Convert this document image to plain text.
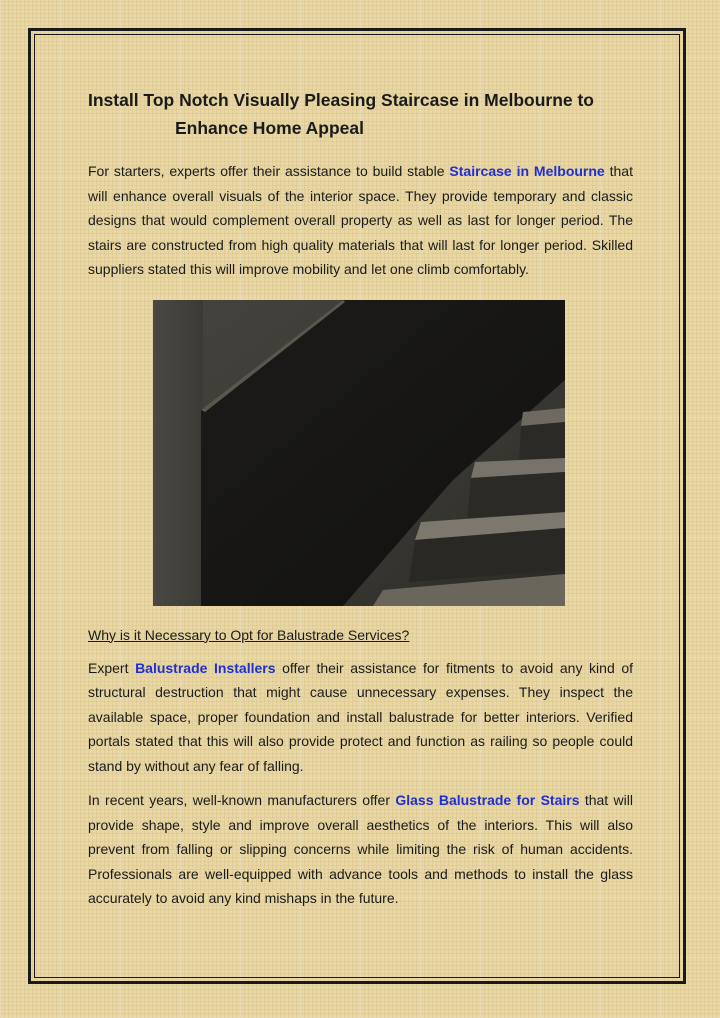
Install Top Notch Visually Pleasing Staircase in Melbourne to
Enhance Home Appeal

For starters, experts offer their assistance to build stable Staircase in Melbourne that will enhance overall visuals of the interior space. They provide temporary and classic designs that would complement overall property as well as last for longer period. The stairs are constructed from high quality materials that will last for longer period. Skilled suppliers stated this will improve mobility and let one climb comfortably.

Why is it Necessary to Opt for Balustrade Services?

Expert Balustrade Installers offer their assistance for fitments to avoid any kind of structural destruction that might cause unnecessary expenses. They inspect the available space, proper foundation and install balustrade for better interiors. Verified portals stated that this will also provide protect and function as railing so people could stand by without any fear of falling.

In recent years, well-known manufacturers offer Glass Balustrade for Stairs that will provide shape, style and improve overall aesthetics of the interiors. This will also prevent from falling or slipping concerns while limiting the risk of human accidents. Professionals are well-equipped with advance tools and methods to install the glass accurately to avoid any kind mishaps in the future.
